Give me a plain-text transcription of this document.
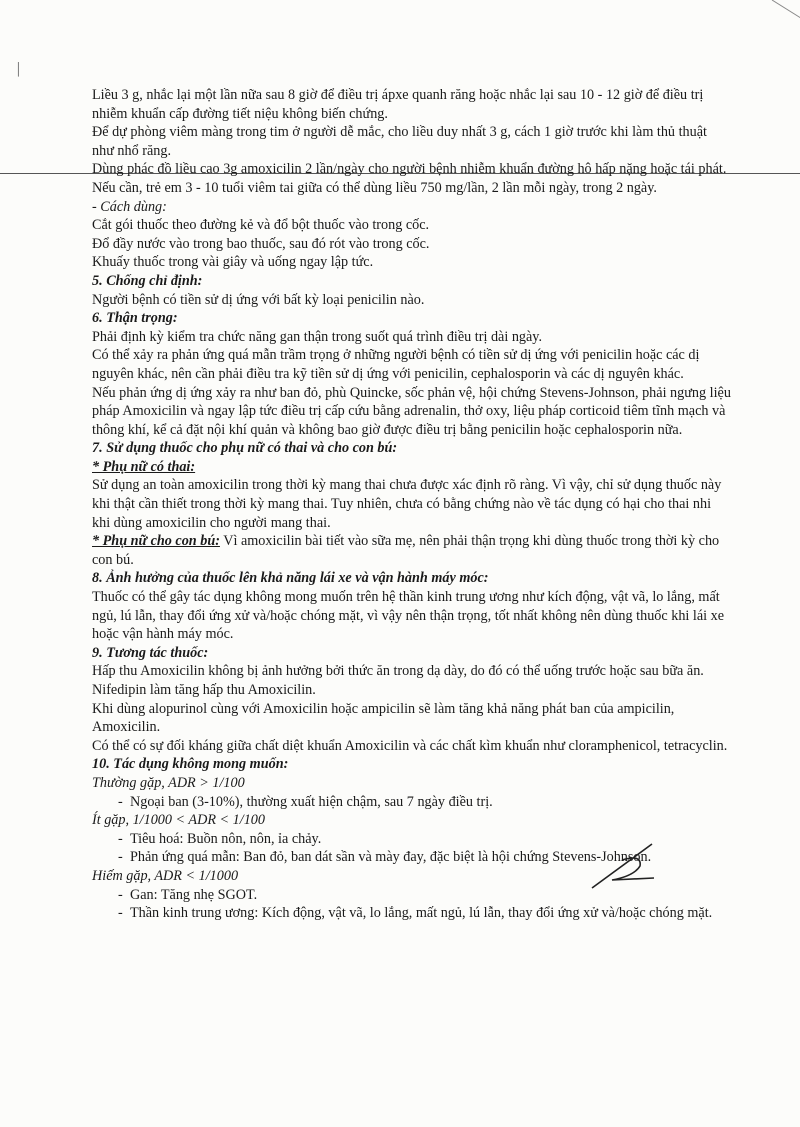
│

Liều 3 g, nhắc lại một lần nữa sau 8 giờ để điều trị ápxe quanh răng hoặc nhắc lại sau 10 - 12 giờ để điều trị nhiễm khuẩn cấp đường tiết niệu không biến chứng.

Để dự phòng viêm màng trong tim ở người dễ mắc, cho liều duy nhất 3 g, cách 1 giờ trước khi làm thủ thuật như nhổ răng.

Dùng phác đồ liều cao 3g amoxicilin 2 lần/ngày cho người bệnh nhiễm khuẩn đường hô hấp nặng hoặc tái phát.

Nếu cần, trẻ em 3 - 10 tuổi viêm tai giữa có thể dùng liều 750 mg/lần, 2 lần mỗi ngày, trong 2 ngày.

- Cách dùng:

Cắt gói thuốc theo đường kẻ và đổ bột thuốc vào trong cốc.

Đổ đầy nước vào trong bao thuốc, sau đó rót vào trong cốc.

Khuấy thuốc trong vài giây và uống ngay lập tức.

5. Chống chỉ định:

Người bệnh có tiền sử dị ứng với bất kỳ loại penicilin nào.

6. Thận trọng:

Phải định kỳ kiểm tra chức năng gan thận trong suốt quá trình điều trị dài ngày.

Có thể xảy ra phản ứng quá mẫn trầm trọng ở những người bệnh có tiền sử dị ứng với penicilin hoặc các dị nguyên khác, nên cần phải điều tra kỹ tiền sử dị ứng với penicilin, cephalosporin và các dị nguyên khác.

Nếu phản ứng dị ứng xảy ra như ban đỏ, phù Quincke, sốc phản vệ, hội chứng Stevens-Johnson, phải ngưng liệu pháp Amoxicilin và ngay lập tức điều trị cấp cứu bằng adrenalin, thở oxy, liệu pháp corticoid tiêm tĩnh mạch và thông khí, kể cả đặt nội khí quản và không bao giờ được điều trị bằng penicilin hoặc cephalosporin nữa.

7. Sử dụng thuốc cho phụ nữ có thai và cho con bú:

* Phụ nữ có thai:

Sử dụng an toàn amoxicilin trong thời kỳ mang thai chưa được xác định rõ ràng. Vì vậy, chỉ sử dụng thuốc này khi thật cần thiết trong thời kỳ mang thai. Tuy nhiên, chưa có bằng chứng nào về tác dụng có hại cho thai nhi khi dùng amoxicilin cho người mang thai.

* Phụ nữ cho con bú: Vì amoxicilin bài tiết vào sữa mẹ, nên phải thận trọng khi dùng thuốc trong thời kỳ cho con bú.

8. Ảnh hưởng của thuốc lên khả năng lái xe và vận hành máy móc:

Thuốc có thể gây tác dụng không mong muốn trên hệ thần kinh trung ương như kích động, vật vã, lo lắng, mất ngủ, lú lẫn, thay đổi ứng xử và/hoặc chóng mặt, vì vậy nên thận trọng, tốt nhất không nên dùng thuốc khi lái xe hoặc vận hành máy móc.

9. Tương tác thuốc:

Hấp thu Amoxicilin không bị ảnh hưởng bởi thức ăn trong dạ dày, do đó có thể uống trước hoặc sau bữa ăn.

Nifedipin làm tăng hấp thu Amoxicilin.

Khi dùng alopurinol cùng với Amoxicilin hoặc ampicilin sẽ làm tăng khả năng phát ban của ampicilin, Amoxicilin.

Có thể có sự đối kháng giữa chất diệt khuẩn Amoxicilin và các chất kìm khuẩn như cloramphenicol, tetracyclin.

10. Tác dụng không mong muốn:

Thường gặp, ADR > 1/100

- Ngoại ban (3-10%), thường xuất hiện chậm, sau 7 ngày điều trị.

Ít gặp, 1/1000 < ADR < 1/100

- Tiêu hoá: Buồn nôn, nôn, ỉa chảy.

- Phản ứng quá mẫn: Ban đỏ, ban dát sần và mày đay, đặc biệt là hội chứng Stevens-Johnson.

Hiếm gặp, ADR < 1/1000

- Gan: Tăng nhẹ SGOT.

- Thần kinh trung ương: Kích động, vật vã, lo lắng, mất ngủ, lú lẫn, thay đổi ứng xử và/hoặc chóng mặt.
